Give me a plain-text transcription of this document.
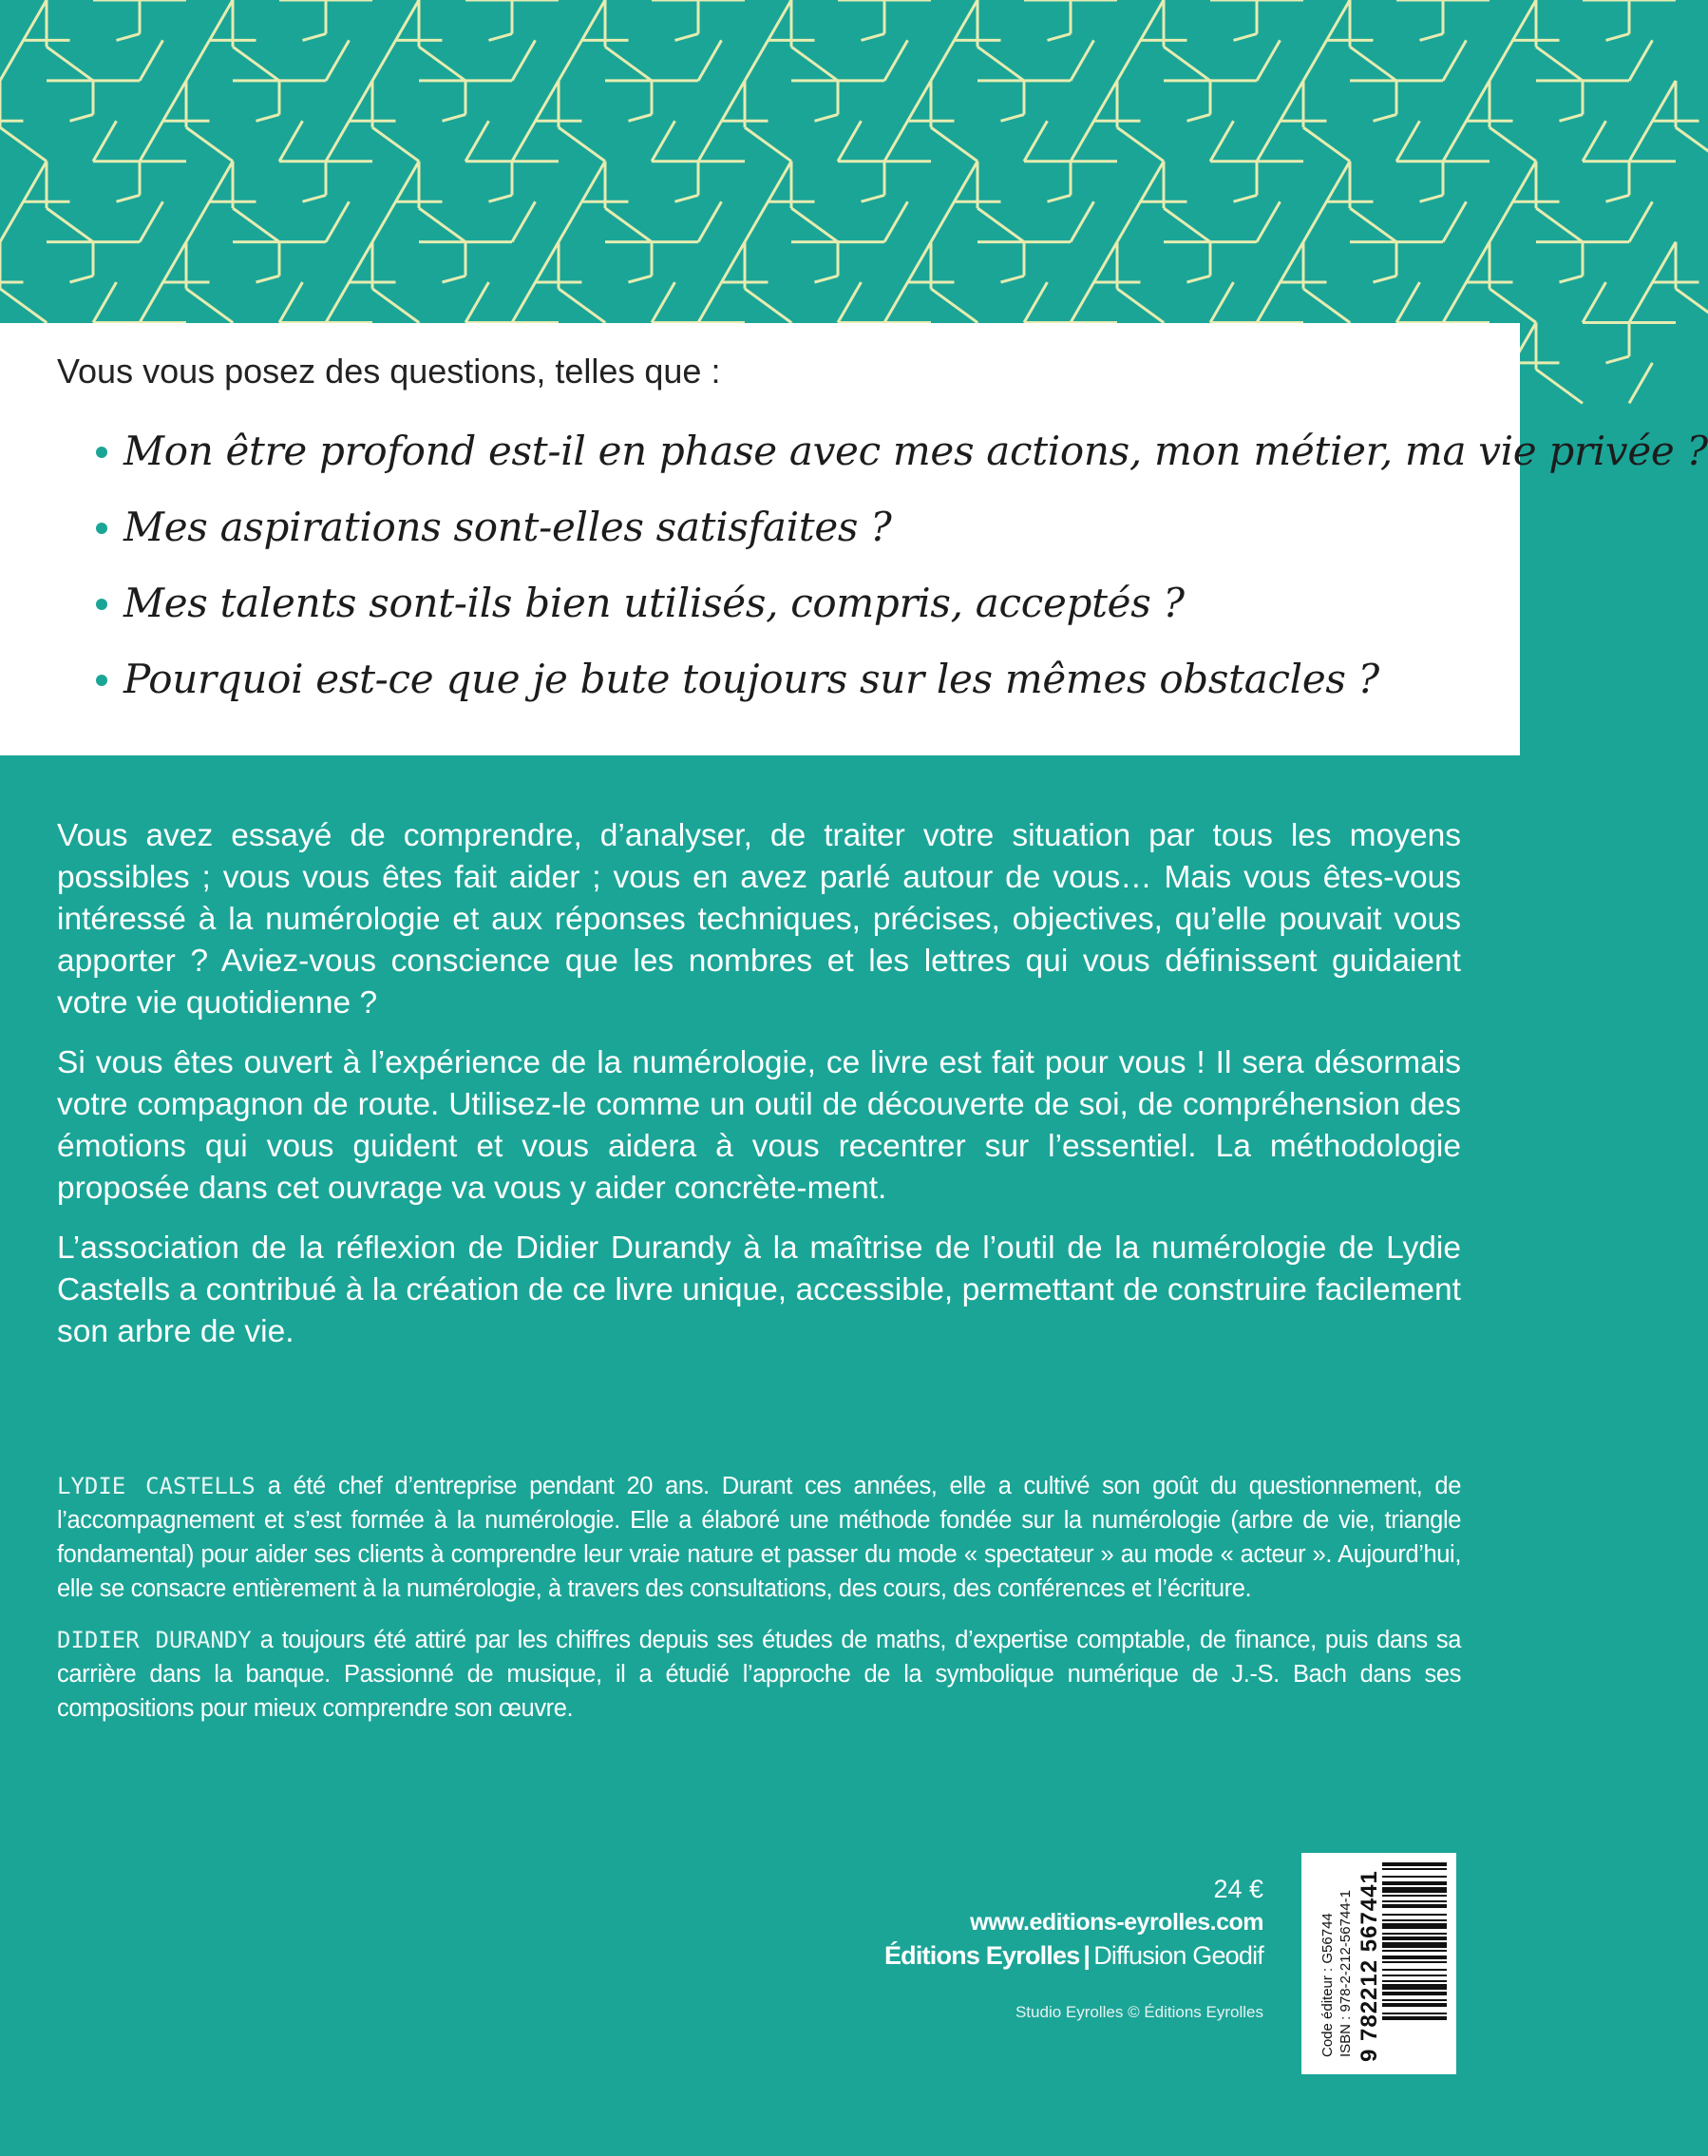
Vous vous posez des questions, telles que :

Mon être profond est-il en phase avec mes actions, mon métier, ma vie privée ?
Mes aspirations sont-elles satisfaites ?
Mes talents sont-ils bien utilisés, compris, acceptés ?
Pourquoi est-ce que je bute toujours sur les mêmes obstacles ?

Vous avez essayé de comprendre, d’analyser, de traiter votre situation par tous les moyens possibles ; vous vous êtes fait aider ; vous en avez parlé autour de vous… Mais vous êtes-vous intéressé à la numérologie et aux réponses techniques, précises, objectives, qu’elle pouvait vous apporter ? Aviez-vous conscience que les nombres et les lettres qui vous définissent guidaient votre vie quotidienne ?

Si vous êtes ouvert à l’expérience de la numérologie, ce livre est fait pour vous ! Il sera désormais votre compagnon de route. Utilisez-le comme un outil de découverte de soi, de compréhension des émotions qui vous guident et vous aidera à vous recentrer sur l’essentiel. La méthodologie proposée dans cet ouvrage va vous y aider concrète-ment.

L’association de la réflexion de Didier Durandy à la maîtrise de l’outil de la numérologie de Lydie Castells a contribué à la création de ce livre unique, accessible, permettant de construire facilement son arbre de vie.

LYDIE CASTELLS a été chef d’entreprise pendant 20 ans. Durant ces années, elle a cultivé son goût du questionnement, de l’accompagnement et s’est formée à la numérologie. Elle a élaboré une méthode fondée sur la numérologie (arbre de vie, triangle fondamental) pour aider ses clients à comprendre leur vraie nature et passer du mode « spectateur » au mode « acteur ». Aujourd’hui, elle se consacre entièrement à la numérologie, à travers des consultations, des cours, des conférences et l’écriture.

DIDIER DURANDY a toujours été attiré par les chiffres depuis ses études de maths, d’expertise comptable, de finance, puis dans sa carrière dans la banque. Passionné de musique, il a étudié l’approche de la symbolique numérique de J.-S. Bach dans ses compositions pour mieux comprendre son œuvre.

24 €
www.editions-eyrolles.com
Éditions Eyrolles | Diffusion Geodif
Studio Eyrolles © Éditions Eyrolles	Code éditeur : G56744 ISBN : 978-2-212-56744-1 9 782212 567441
